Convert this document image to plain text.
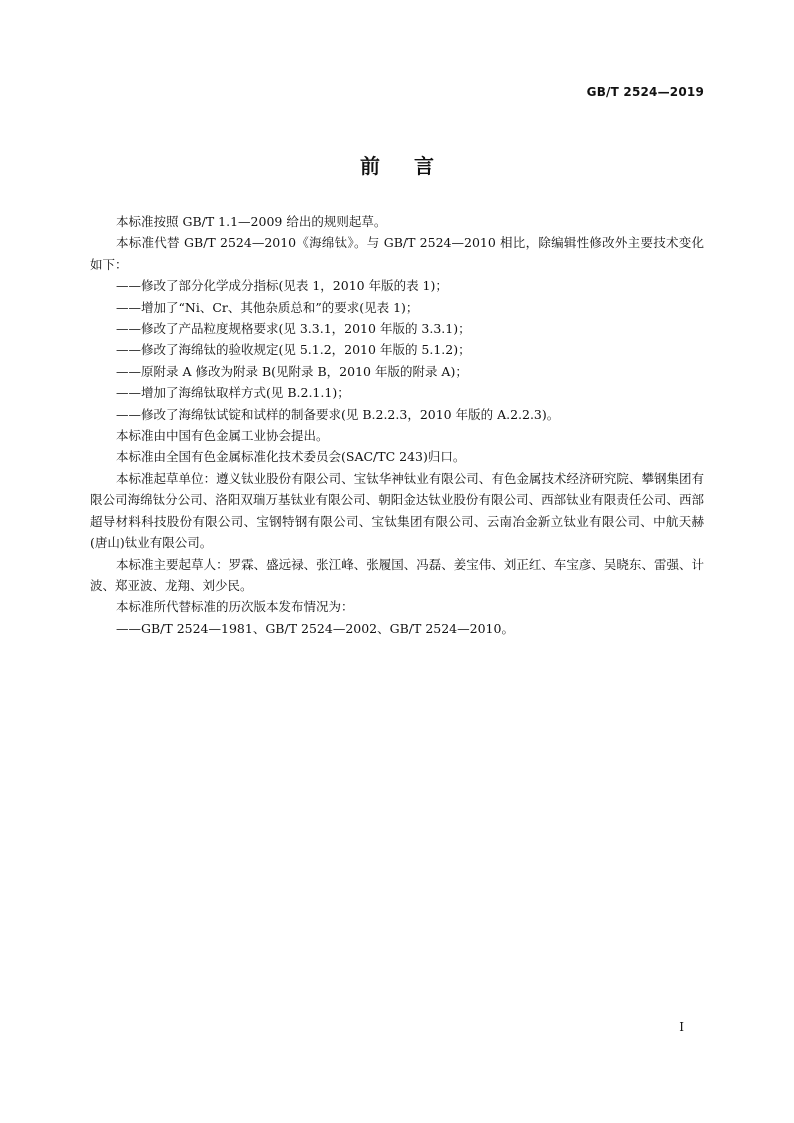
GB/T 2524—2019
前言

本标准按照 GB/T 1.1—2009 给出的规则起草。

本标准代替 GB/T 2524—2010《海绵钛》。与 GB/T 2524—2010 相比，除编辑性修改外主要技术变化如下：

——修改了部分化学成分指标(见表 1，2010 年版的表 1)；

——增加了“Ni、Cr、其他杂质总和”的要求(见表 1)；

——修改了产品粒度规格要求(见 3.3.1，2010 年版的 3.3.1)；

——修改了海绵钛的验收规定(见 5.1.2，2010 年版的 5.1.2)；

——原附录 A 修改为附录 B(见附录 B，2010 年版的附录 A)；

——增加了海绵钛取样方式(见 B.2.1.1)；

——修改了海绵钛试锭和试样的制备要求(见 B.2.2.3，2010 年版的 A.2.2.3)。

本标准由中国有色金属工业协会提出。

本标准由全国有色金属标准化技术委员会(SAC/TC 243)归口。

本标准起草单位：遵义钛业股份有限公司、宝钛华神钛业有限公司、有色金属技术经济研究院、攀钢集团有限公司海绵钛分公司、洛阳双瑞万基钛业有限公司、朝阳金达钛业股份有限公司、西部钛业有限责任公司、西部超导材料科技股份有限公司、宝钢特钢有限公司、宝钛集团有限公司、云南冶金新立钛业有限公司、中航天赫(唐山)钛业有限公司。

本标准主要起草人：罗霖、盛远禄、张江峰、张履国、冯磊、姜宝伟、刘正红、车宝彦、吴晓东、雷强、计波、郑亚波、龙翔、刘少民。

本标准所代替标准的历次版本发布情况为：

——GB/T 2524—1981、GB/T 2524—2002、GB/T 2524—2010。

I
